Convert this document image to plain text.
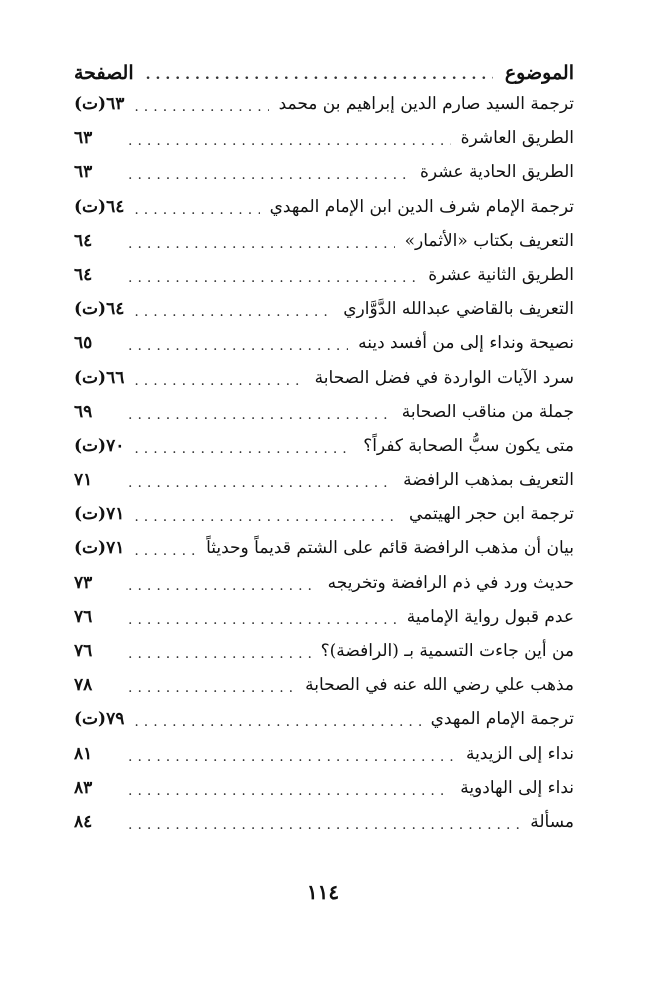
الموضوع
.....
الصفحة
ترجمة السيد صارم الدين إبراهيم بن محمد
.....
٦٣(ت)
الطريق العاشرة
.....
٦٣
الطريق الحادية عشرة
.....
٦٣
ترجمة الإمام شرف الدين ابن الإمام المهدي
.....
٦٤(ت)
التعريف بكتاب «الأثمار»
.....
٦٤
الطريق الثانية عشرة
.....
٦٤
التعريف بالقاضي عبدالله الدَّوَّاري
.....
٦٤(ت)
نصيحة ونداء إلى من أفسد دينه
.....
٦٥
سرد الآيات الواردة في فضل الصحابة
.....
٦٦(ت)
جملة من مناقب الصحابة
.....
٦٩
متى يكون سبُّ الصحابة كفراً؟
.....
٧٠(ت)
التعريف بمذهب الرافضة
.....
٧١
ترجمة ابن حجر الهيتمي
.....
٧١(ت)
بيان أن مذهب الرافضة قائم على الشتم قديماً وحديثاً
.....
٧١(ت)
حديث ورد في ذم الرافضة وتخريجه
.....
٧٣
عدم قبول رواية الإمامية
.....
٧٦
من أين جاءت التسمية بـ (الرافضة)؟
.....
٧٦
مذهب علي رضي الله عنه في الصحابة
.....
٧٨
ترجمة الإمام المهدي
.....
٧٩(ت)
نداء إلى الزيدية
.....
٨١
نداء إلى الهادوية
.....
٨٣
مسألة
.....
٨٤
١١٤
